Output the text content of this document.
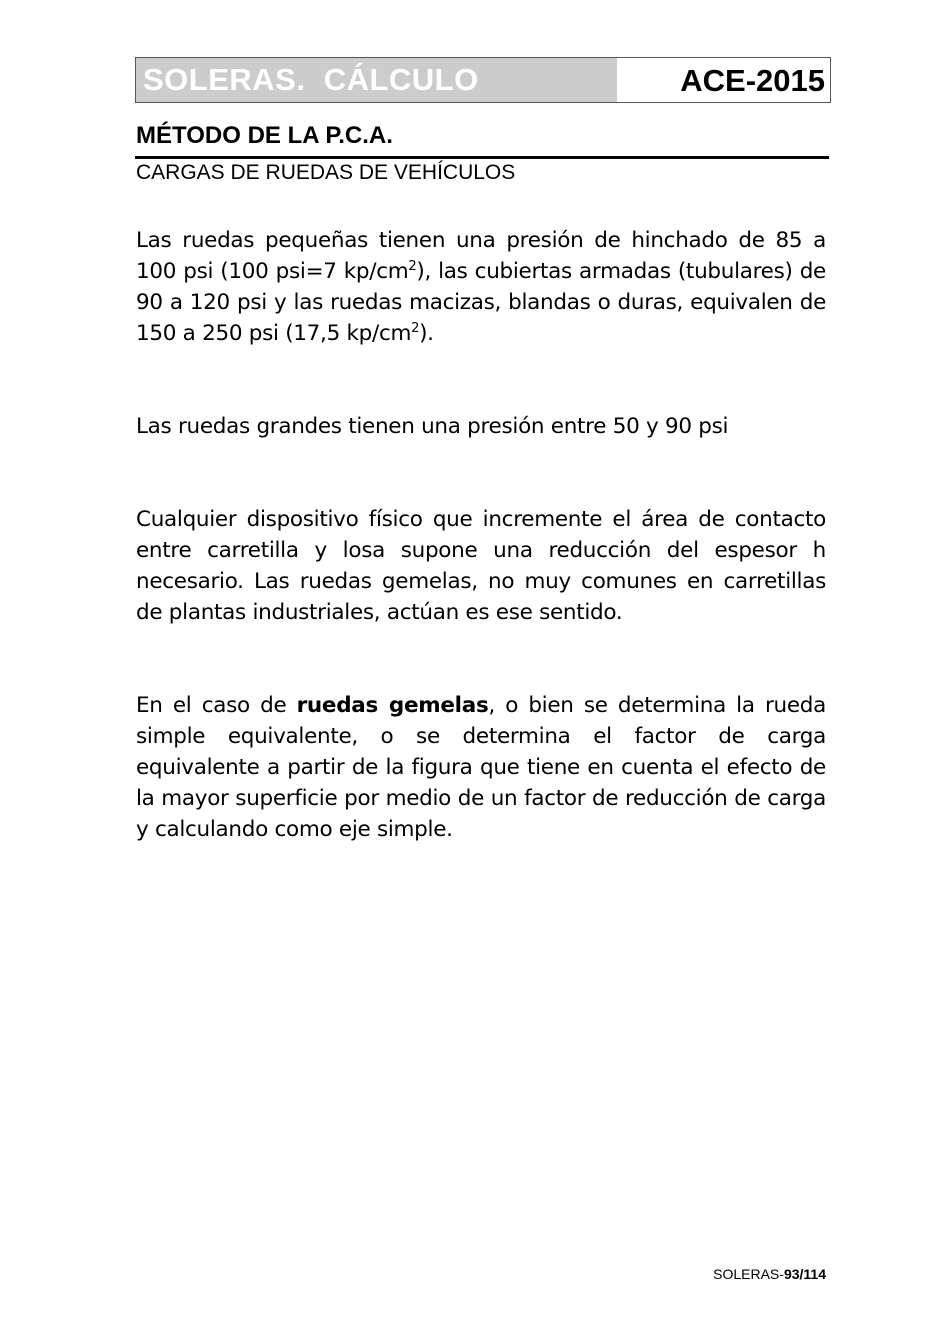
SOLERAS.  CÁLCULO	ACE-2015
MÉTODO DE LA P.C.A.
CARGAS DE RUEDAS DE VEHÍCULOS
Las ruedas pequeñas tienen una presión de hinchado de 85 a 100 psi (100 psi=7 $kp/cm^2$), las cubiertas armadas (tubulares) de 90 a 120 psi y las ruedas macizas, blandas o duras, equivalen de 150 a 250 psi (17,5 $kp/cm^2$).
Las ruedas grandes tienen una presión entre 50 y 90 psi
Cualquier dispositivo físico que incremente el área de contacto entre carretilla y losa supone una reducción del espesor h necesario. Las ruedas gemelas, no muy comunes en carretillas de plantas industriales, actúan es ese sentido.
En el caso de ruedas gemelas, o bien se determina la rueda simple equivalente, o se determina el factor de carga equivalente a partir de la figura que tiene en cuenta el efecto de la mayor superficie por medio de un factor de reducción de carga y calculando como eje simple.
SOLERAS-93/114
